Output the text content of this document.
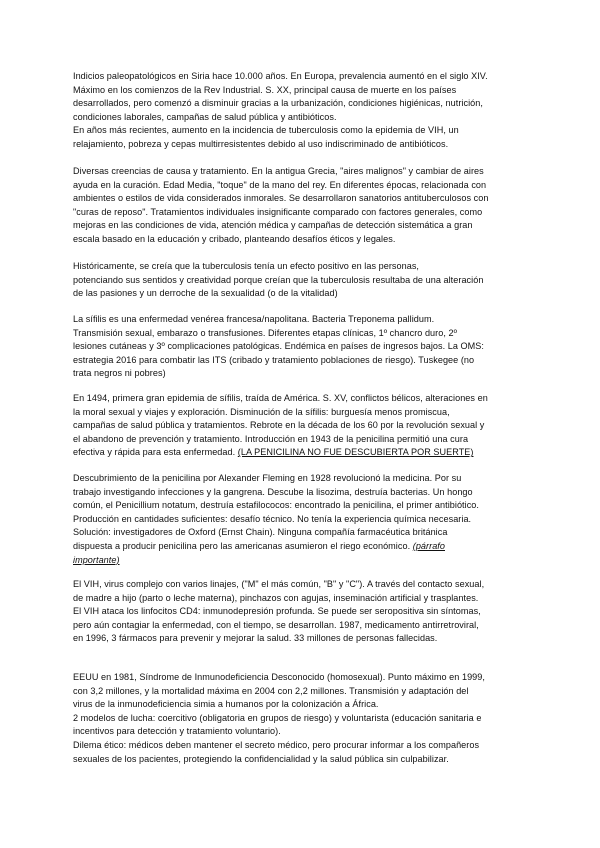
Indicios paleopatológicos en Siria hace 10.000 años. En Europa, prevalencia aumentó en el siglo XIV.
Máximo en los comienzos de la Rev Industrial. S. XX, principal causa de muerte en los países
desarrollados, pero comenzó a disminuir gracias a la urbanización, condiciones higiénicas, nutrición,
condiciones laborales, campañas de salud pública y antibióticos.
En años más recientes, aumento en la incidencia de tuberculosis como la epidemia de VIH, un
relajamiento, pobreza y cepas multirresistentes debido al uso indiscriminado de antibióticos.
Diversas creencias de causa y tratamiento. En la antigua Grecia, "aires malignos" y cambiar de aires
ayuda en la curación. Edad Media, "toque" de la mano del rey. En diferentes épocas, relacionada con
ambientes o estilos de vida considerados inmorales. Se desarrollaron sanatorios antituberculosos con
"curas de reposo". Tratamientos individuales insignificante comparado con factores generales, como
mejoras en las condiciones de vida, atención médica y campañas de detección sistemática a gran
escala basado en la educación y cribado, planteando desafíos éticos y legales.
Históricamente, se creía que la tuberculosis tenía un efecto positivo en las personas,
potenciando sus sentidos y creatividad porque creían que la tuberculosis resultaba de una alteración
de las pasiones y un derroche de la sexualidad (o de la vitalidad)
La sífilis es una enfermedad venérea francesa/napolitana. Bacteria Treponema pallidum.
Transmisión sexual, embarazo o transfusiones. Diferentes etapas clínicas, 1º chancro duro, 2º
lesiones cutáneas y 3º complicaciones patológicas. Endémica en países de ingresos bajos. La OMS:
estrategia 2016 para combatir las ITS (cribado y tratamiento poblaciones de riesgo). Tuskegee (no
trata negros ni pobres)
En 1494, primera gran epidemia de sífilis, traída de América. S. XV, conflictos bélicos, alteraciones en
la moral sexual y viajes y exploración. Disminución de la sífilis: burguesía menos promiscua,
campañas de salud pública y tratamientos. Rebrote en la década de los 60 por la revolución sexual y
el abandono de prevención y tratamiento. Introducción en 1943 de la penicilina permitió una cura
efectiva y rápida para esta enfermedad. (LA PENICILINA NO FUE DESCUBIERTA POR SUERTE)
Descubrimiento de la penicilina por Alexander Fleming en 1928 revolucionó la medicina. Por su
trabajo investigando infecciones y la gangrena. Descube la lisozima, destruía bacterias. Un hongo
común, el Penicillium notatum, destruía estafilococos: encontrado la penicilina, el primer antibiótico.
Producción en cantidades suficientes: desafío técnico. No tenía la experiencia química necesaria.
Solución: investigadores de Oxford (Ernst Chain). Ninguna compañía farmacéutica británica
dispuesta a producir penicilina pero las americanas asumieron el riego económico. (párrafo
importante)
El VIH, virus complejo con varios linajes, ("M" el más común, "B" y "C"). A través del contacto sexual,
de madre a hijo (parto o leche materna), pinchazos con agujas, inseminación artificial y trasplantes.
El VIH ataca los linfocitos CD4: inmunodepresión profunda. Se puede ser seropositiva sin síntomas,
pero aún contagiar la enfermedad, con el tiempo, se desarrollan. 1987, medicamento antirretroviral,
en 1996, 3 fármacos para prevenir y mejorar la salud. 33 millones de personas fallecidas.
EEUU en 1981, Síndrome de Inmunodeficiencia Desconocido (homosexual). Punto máximo en 1999,
con 3,2 millones, y la mortalidad máxima en 2004 con 2,2 millones. Transmisión y adaptación del
virus de la inmunodeficiencia simia a humanos por la colonización a África.
2 modelos de lucha: coercitivo (obligatoria en grupos de riesgo) y voluntarista (educación sanitaria e
incentivos para detección y tratamiento voluntario).
Dilema ético: médicos deben mantener el secreto médico, pero procurar informar a los compañeros
sexuales de los pacientes, protegiendo la confidencialidad y la salud pública sin culpabilizar.
